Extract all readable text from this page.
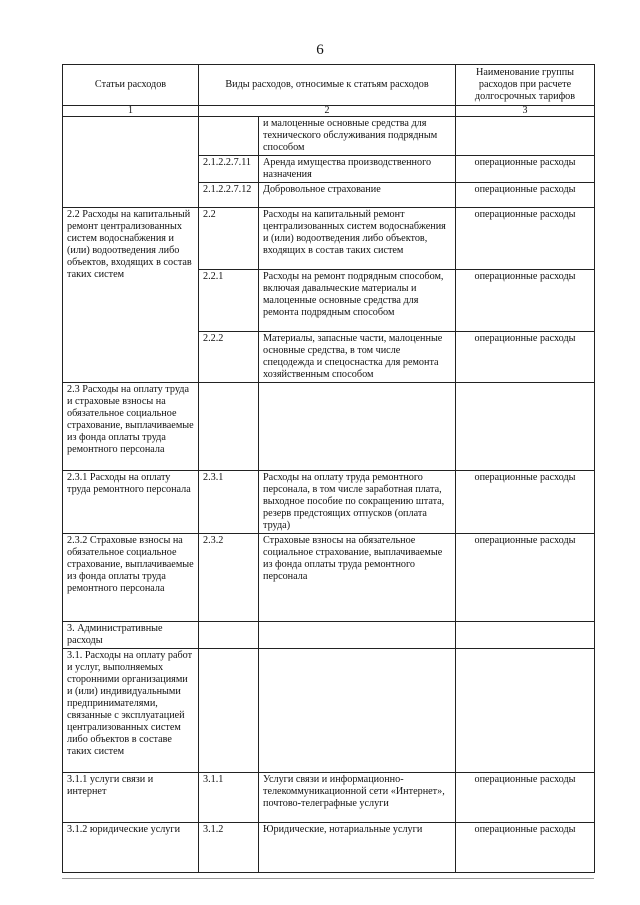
6
Статьи расходов	Виды расходов, относимые к статьям расходов		Наименование группы расходов при расчете долгосрочных тарифов
1	2		3
		и малоценные основные средства для технического обслуживания подрядным способом	
	2.1.2.2.7.11	Аренда имущества производственного назначения	операционные расходы
	2.1.2.2.7.12	Добровольное страхование	операционные расходы
2.2 Расходы на капитальный ремонт централизованных систем водоснабжения и (или) водоотведения либо объектов, входящих в состав таких систем	2.2	Расходы на капитальный ремонт централизованных систем водоснабжения и (или) водоотведения либо объектов, входящих в состав таких систем	операционные расходы
	2.2.1	Расходы на ремонт подрядным способом, включая давальческие материалы и малоценные основные средства для ремонта подрядным способом	операционные расходы
	2.2.2	Материалы, запасные части, малоценные основные средства, в том числе спецодежда и спецоснастка для ремонта хозяйственным способом	операционные расходы
2.3 Расходы на оплату труда и страховые взносы на обязательное социальное страхование, выплачиваемые из фонда оплаты труда ремонтного персонала			
2.3.1 Расходы на оплату труда ремонтного персонала	2.3.1	Расходы на оплату труда ремонтного персонала, в том числе заработная плата, выходное пособие по сокращению штата, резерв предстоящих отпусков (оплата труда)	операционные расходы
2.3.2 Страховые взносы на обязательное социальное страхование, выплачиваемые из фонда оплаты труда ремонтного персонала	2.3.2	Страховые взносы на обязательное социальное страхование, выплачиваемые из фонда оплаты труда ремонтного персонала	операционные расходы
3. Административные расходы			
3.1. Расходы на оплату работ и услуг, выполняемых сторонними организациями и (или) индивидуальными предпринимателями, связанные с эксплуатацией централизованных систем либо объектов в составе таких систем			
3.1.1 услуги связи и интернет	3.1.1	Услуги связи и информационно-телекоммуникационной сети «Интернет», почтово-телеграфные услуги	операционные расходы
3.1.2 юридические услуги	3.1.2	Юридические, нотариальные услуги	операционные расходы
